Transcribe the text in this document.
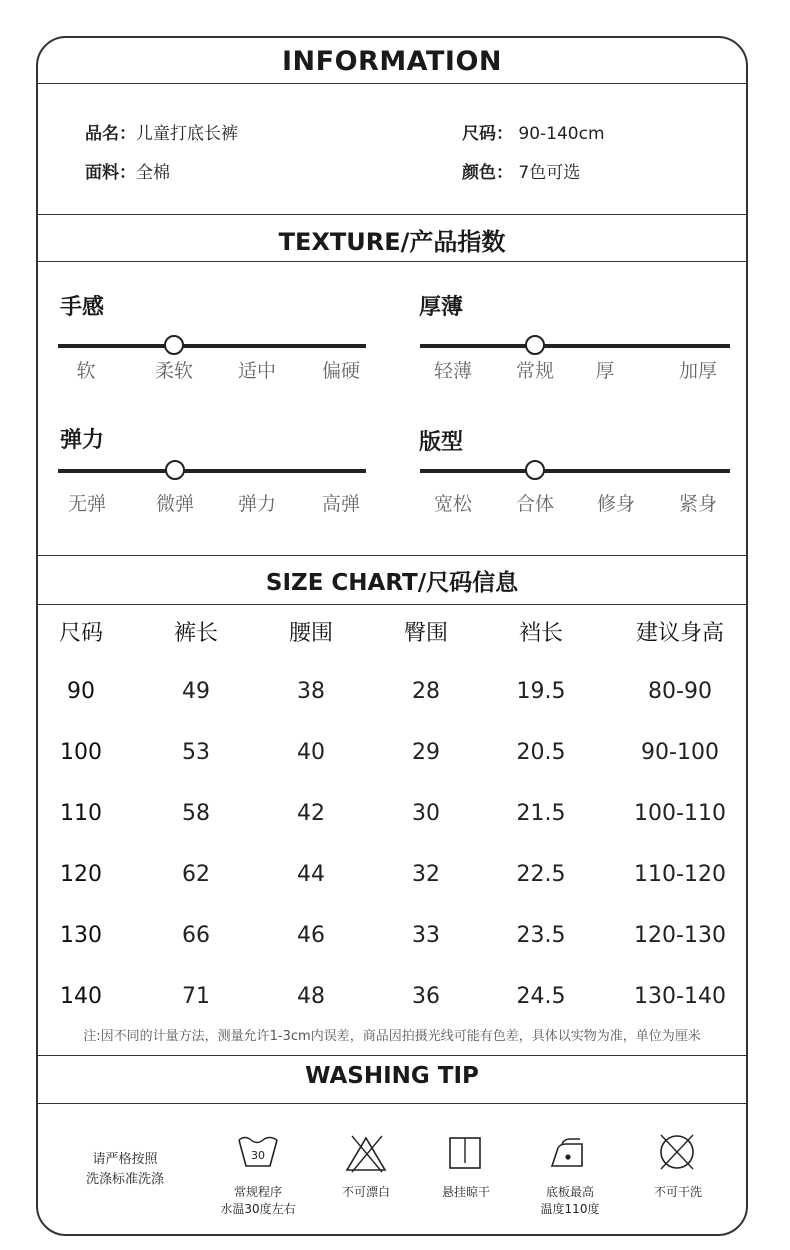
INFORMATION
品名：儿童打底长裤	尺码： 90-140cm
面料：全棉	颜色： 7色可选
TEXTURE/产品指数
手感
软	柔软 适中 偏硬
厚薄
轻薄 常规 厚	加厚
弹力
无弹	微弹 弹力 高弹
版型
宽松 合体 修身 紧身
SIZE CHART/尺码信息
尺码	裤长	腰围	臀围	裆长	建议身高
90	49	38	28	19.5	80-90
100	53	40	29	20.5	90-100
110	58	42	30	21.5	100-110
120	62	44	32	22.5	110-120
130	66	46	33	23.5	120-130
140	71	48	36	24.5	130-140
注:因不同的计量方法，测量允许1-3cm内误差，商品因拍摄光线可能有色差，具体以实物为准，单位为厘米
WASHING TIP
请严格按照
洗涤标准洗涤
30
常规程序
水温30度左右
不可漂白	悬挂晾干	底板最高
温度110度
不可干洗
